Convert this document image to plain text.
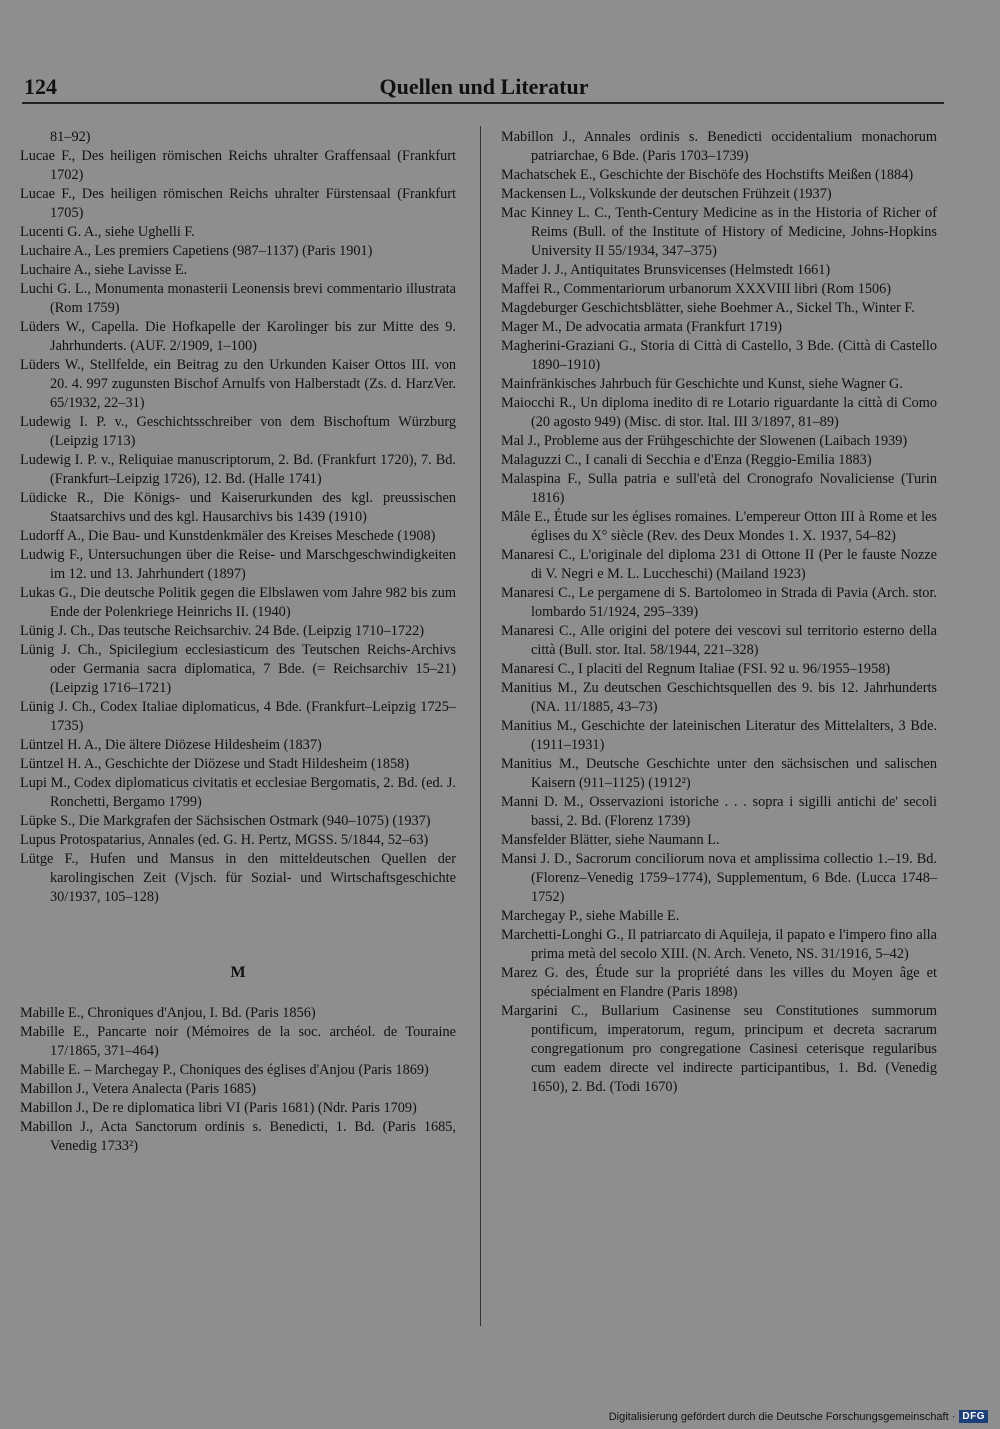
124	Quellen und Literatur

81–92)

Lucae F., Des heiligen römischen Reichs uhralter Graffensaal (Frankfurt 1702)

Lucae F., Des heiligen römischen Reichs uhralter Fürstensaal (Frankfurt 1705)

Lucenti G. A., siehe Ughelli F.

Luchaire A., Les premiers Capetiens (987–1137) (Paris 1901)

Luchaire A., siehe Lavisse E.

Luchi G. L., Monumenta monasterii Leonensis brevi commentario illustrata (Rom 1759)

Lüders W., Capella. Die Hofkapelle der Karolinger bis zur Mitte des 9. Jahrhunderts. (AUF. 2/1909, 1–100)

Lüders W., Stellfelde, ein Beitrag zu den Urkunden Kaiser Ottos III. von 20. 4. 997 zugunsten Bischof Arnulfs von Halberstadt (Zs. d. HarzVer. 65/1932, 22–31)

Ludewig I. P. v., Geschichtsschreiber von dem Bischoftum Würzburg (Leipzig 1713)

Ludewig I. P. v., Reliquiae manuscriptorum, 2. Bd. (Frankfurt 1720), 7. Bd. (Frankfurt–Leipzig 1726), 12. Bd. (Halle 1741)

Lüdicke R., Die Königs- und Kaiserurkunden des kgl. preussischen Staatsarchivs und des kgl. Hausarchivs bis 1439 (1910)

Ludorff A., Die Bau- und Kunstdenkmäler des Kreises Meschede (1908)

Ludwig F., Untersuchungen über die Reise- und Marschgeschwindigkeiten im 12. und 13. Jahrhundert (1897)

Lukas G., Die deutsche Politik gegen die Elbslawen vom Jahre 982 bis zum Ende der Polenkriege Heinrichs II. (1940)

Lünig J. Ch., Das teutsche Reichsarchiv. 24 Bde. (Leipzig 1710–1722)

Lünig J. Ch., Spicilegium ecclesiasticum des Teutschen Reichs-Archivs oder Germania sacra diplomatica, 7 Bde. (= Reichsarchiv 15–21) (Leipzig 1716–1721)

Lünig J. Ch., Codex Italiae diplomaticus, 4 Bde. (Frankfurt–Leipzig 1725–1735)

Lüntzel H. A., Die ältere Diözese Hildesheim (1837)

Lüntzel H. A., Geschichte der Diözese und Stadt Hildesheim (1858)

Lupi M., Codex diplomaticus civitatis et ecclesiae Bergomatis, 2. Bd. (ed. J. Ronchetti, Bergamo 1799)

Lüpke S., Die Markgrafen der Sächsischen Ostmark (940–1075) (1937)

Lupus Protospatarius, Annales (ed. G. H. Pertz, MGSS. 5/1844, 52–63)

Lütge F., Hufen und Mansus in den mitteldeutschen Quellen der karolingischen Zeit (Vjsch. für Sozial- und Wirtschaftsgeschichte 30/1937, 105–128)

M

Mabille E., Chroniques d'Anjou, I. Bd. (Paris 1856)

Mabille E., Pancarte noir (Mémoires de la soc. archéol. de Touraine 17/1865, 371–464)

Mabille E. – Marchegay P., Choniques des églises d'Anjou (Paris 1869)

Mabillon J., Vetera Analecta (Paris 1685)

Mabillon J., De re diplomatica libri VI (Paris 1681) (Ndr. Paris 1709)

Mabillon J., Acta Sanctorum ordinis s. Benedicti, 1. Bd. (Paris 1685, Venedig 1733²)

Mabillon J., Annales ordinis s. Benedicti occidentalium monachorum patriarchae, 6 Bde. (Paris 1703–1739)

Machatschek E., Geschichte der Bischöfe des Hochstifts Meißen (1884)

Mackensen L., Volkskunde der deutschen Frühzeit (1937)

Mac Kinney L. C., Tenth-Century Medicine as in the Historia of Richer of Reims (Bull. of the Institute of History of Medicine, Johns-Hopkins University II 55/1934, 347–375)

Mader J. J., Antiquitates Brunsvicenses (Helmstedt 1661)

Maffei R., Commentariorum urbanorum XXXVIII libri (Rom 1506)

Magdeburger Geschichtsblätter, siehe Boehmer A., Sickel Th., Winter F.

Mager M., De advocatia armata (Frankfurt 1719)

Magherini-Graziani G., Storia di Città di Castello, 3 Bde. (Città di Castello 1890–1910)

Mainfränkisches Jahrbuch für Geschichte und Kunst, siehe Wagner G.

Maiocchi R., Un diploma inedito di re Lotario riguardante la città di Como (20 agosto 949) (Misc. di stor. Ital. III 3/1897, 81–89)

Mal J., Probleme aus der Frühgeschichte der Slowenen (Laibach 1939)

Malaguzzi C., I canali di Secchia e d'Enza (Reggio-Emilia 1883)

Malaspina F., Sulla patria e sull'età del Cronografo Novaliciense (Turin 1816)

Mâle E., Étude sur les églises romaines. L'empereur Otton III à Rome et les églises du X° siècle (Rev. des Deux Mondes 1. X. 1937, 54–82)

Manaresi C., L'originale del diploma 231 di Ottone II (Per le fauste Nozze di V. Negri e M. L. Luccheschi) (Mailand 1923)

Manaresi C., Le pergamene di S. Bartolomeo in Strada di Pavia (Arch. stor. lombardo 51/1924, 295–339)

Manaresi C., Alle origini del potere dei vescovi sul territorio esterno della città (Bull. stor. Ital. 58/1944, 221–328)

Manaresi C., I placiti del Regnum Italiae (FSI. 92 u. 96/1955–1958)

Manitius M., Zu deutschen Geschichtsquellen des 9. bis 12. Jahrhunderts (NA. 11/1885, 43–73)

Manitius M., Geschichte der lateinischen Literatur des Mittelalters, 3 Bde. (1911–1931)

Manitius M., Deutsche Geschichte unter den sächsischen und salischen Kaisern (911–1125) (1912²)

Manni D. M., Osservazioni istoriche . . . sopra i sigilli antichi de' secoli bassi, 2. Bd. (Florenz 1739)

Mansfelder Blätter, siehe Naumann L.

Mansi J. D., Sacrorum conciliorum nova et amplissima collectio 1.–19. Bd. (Florenz–Venedig 1759–1774), Supplementum, 6 Bde. (Lucca 1748–1752)

Marchegay P., siehe Mabille E.

Marchetti-Longhi G., Il patriarcato di Aquileja, il papato e l'impero fino alla prima metà del secolo XIII. (N. Arch. Veneto, NS. 31/1916, 5–42)

Marez G. des, Étude sur la propriété dans les villes du Moyen âge et spécialment en Flandre (Paris 1898)

Margarini C., Bullarium Casinense seu Constitutiones summorum pontificum, imperatorum, regum, principum et decreta sacrarum congregationum pro congregatione Casinesi ceterisque regularibus cum eadem directe vel indirecte participantibus, 1. Bd. (Venedig 1650), 2. Bd. (Todi 1670)

Digitalisierung gefördert durch die Deutsche Forschungsgemeinschaft · DFG
